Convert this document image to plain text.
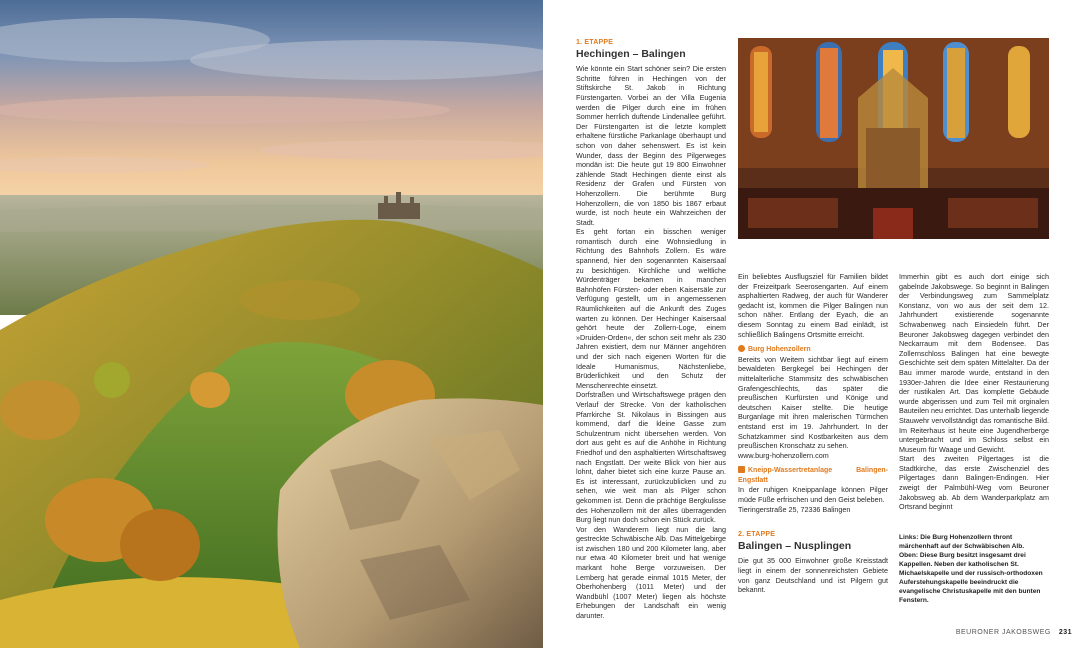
1. ETAPPE
Hechingen – Balingen

Wie könnte ein Start schöner sein? Die ersten Schritte führen in Hechingen von der Stiftskirche St. Jakob in Richtung Fürstengarten. Vorbei an der Villa Eugenia werden die Pilger durch eine im frühen Sommer herrlich duftende Lindenallee geführt. Der Fürstengarten ist die letzte komplett erhaltene fürstliche Parkanlage überhaupt und schon von daher sehenswert. Es ist kein Wunder, dass der Beginn des Pilgerweges mondän ist: Die heute gut 19 800 Einwohner zählende Stadt Hechingen diente einst als Residenz der Grafen und Fürsten von Hohenzollern. Die berühmte Burg Hohenzollern, die von 1850 bis 1867 erbaut wurde, ist noch heute ein Wahrzeichen der Stadt.

Es geht fortan ein bisschen weniger romantisch durch eine Wohnsiedlung in Richtung des Bahnhofs Zollern. Es wäre spannend, hier den sogenannten Kaisersaal zu besichtigen. Kirchliche und weltliche Würdenträger bekamen in manchen Bahnhöfen Fürsten- oder eben Kaisersäle zur Verfügung gestellt, um in angemessenen Räumlichkeiten auf die Ankunft des Zuges warten zu können. Der Hechinger Kaisersaal gehört heute der Zollern-Loge, einem »Druiden-Orden«, der schon seit mehr als 230 Jahren existiert, dem nur Männer angehören und der sich nach eigenen Worten für die Ideale Humanismus, Nächstenliebe, Brüderlichkeit und den Schutz der Menschenrechte einsetzt.

Dorfstraßen und Wirtschaftswege prägen den Verlauf der Strecke. Von der katholischen Pfarrkirche St. Nikolaus in Bissingen aus kommend, darf die kleine Gasse zum Schulzentrum nicht übersehen werden. Von dort aus geht es auf die Anhöhe in Richtung Friedhof und den asphaltierten Wirtschaftsweg nach Engstlatt. Der weite Blick von hier aus lohnt, daher bietet sich eine kurze Pause an. Es ist interessant, zurückzublicken und zu sehen, wie weit man als Pilger schon gekommen ist. Denn die prächtige Bergkulisse des Hohenzollern mit der alles überragenden Burg liegt nun doch schon ein Stück zurück.

Vor den Wanderern liegt nun die lang gestreckte Schwäbische Alb. Das Mittelgebirge ist zwischen 180 und 200 Kilometer lang, aber nur etwa 40 Kilometer breit und hat wenige markant hohe Berge vorzuweisen. Der Lemberg hat gerade einmal 1015 Meter, der Oberhohenberg (1011 Meter) und der Wandbühl (1007 Meter) liegen als höchste Erhebungen der Landschaft ein wenig darunter.

Ein beliebtes Ausflugsziel für Familien bildet der Freizeitpark Seerosengarten. Auf einem asphaltierten Radweg, der auch für Wanderer gedacht ist, kommen die Pilger Balingen nun schon näher. Entlang der Eyach, die an diesem Sonntag zu einem Bad einlädt, ist schließlich Balingens Ortsmitte erreicht.

Burg Hohenzollern

Bereits von Weitem sichtbar liegt auf einem bewaldeten Bergkegel bei Hechingen der mittelalterliche Stammsitz des schwäbischen Grafengeschlechts, das später die preußischen Kurfürsten und Könige und deutschen Kaiser stellte. Die heutige Burganlage mit ihren malerischen Türmchen entstand erst im 19. Jahrhundert. In der Schatzkammer sind Kostbarkeiten aus dem preußischen Kronschatz zu sehen.

www.burg-hohenzollern.com

Kneipp-Wassertretanlage Balingen-Engstlatt

In der ruhigen Kneippanlage können Pilger müde Füße erfrischen und den Geist beleben.

Tieringerstraße 25, 72336 Balingen

2. ETAPPE
Balingen – Nusplingen

Die gut 35 000 Einwohner große Kreisstadt liegt in einem der sonnenreichsten Gebiete von ganz Deutschland und ist Pilgern gut bekannt.

Immerhin gibt es auch dort einige sich gabelnde Jakobswege. So beginnt in Balingen der Verbindungsweg zum Sammelplatz Konstanz, von wo aus der seit dem 12. Jahrhundert existierende sogenannte Schwabenweg nach Einsiedeln führt. Der Beuroner Jakobsweg dagegen verbindet den Neckarraum mit dem Bodensee. Das Zollernschloss Balingen hat eine bewegte Geschichte seit dem späten Mittelalter. Da der Bau immer marode wurde, entstand in den 1930er-Jahren die Idee einer Restaurierung der rustikalen Art. Das komplette Gebäude wurde abgerissen und zum Teil mit orginalen Bauteilen neu errichtet. Das unterhalb liegende Stauwehr vervollständigt das romantische Bild. Im Reiterhaus ist heute eine Jugendherberge untergebracht und im Schloss selbst ein Museum für Waage und Gewicht.

Start des zweiten Pilgertages ist die Stadtkirche, das erste Zwischenziel des Pilgertages dann Balingen-Endingen. Hier zweigt der Palmbühl-Weg vom Beuroner Jakobsweg ab. Ab dem Wanderparkplatz am Ortsrand beginnt

Links: Die Burg Hohenzollern thront märchenhaft auf der Schwäbischen Alb.
Oben: Diese Burg besitzt insgesamt drei Kappellen. Neben der katholischen St. Michaelskapelle und der russisch-orthodoxen Auferstehungskapelle beeindruckt die evangelische Christuskapelle mit den bunten Fenstern.
BEURONER JAKOBSWEG 231
